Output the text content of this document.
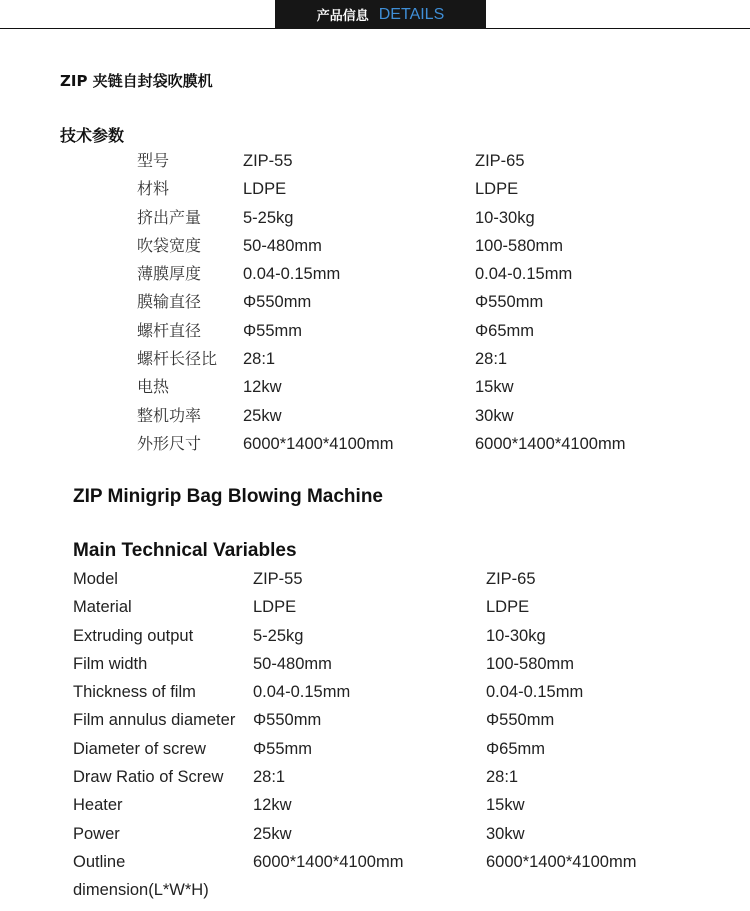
产品信息 DETAILS
ZIP 夹链自封袋吹膜机
技术参数
型号	ZIP-55	ZIP-65
材料	LDPE	LDPE
挤出产量	5-25kg	10-30kg
吹袋宽度	50-480mm	100-580mm
薄膜厚度	0.04-0.15mm	0.04-0.15mm
膜输直径	Φ550mm	Φ550mm
螺杆直径	Φ55mm	Φ65mm
螺杆长径比 28:1	28:1
电热	12kw	15kw
整机功率	25kw	30kw
外形尺寸	6000*1400*4100mm	6000*1400*4100mm
ZIP Minigrip Bag Blowing Machine
Main Technical Variables
Model	ZIP-55	ZIP-65
Material	LDPE	LDPE
Extruding output	5-25kg	10-30kg
Film width	50-480mm	100-580mm
Thickness of film	0.04-0.15mm	0.04-0.15mm
Film annulus diameter Φ550mm	Φ550mm
Diameter of screw	Φ55mm	Φ65mm
Draw Ratio of Screw 28:1	28:1
Heater	12kw	15kw
Power	25kw	30kw
Outline dimension(L*W*H)
6000*1400*4100mm	6000*1400*4100mm
